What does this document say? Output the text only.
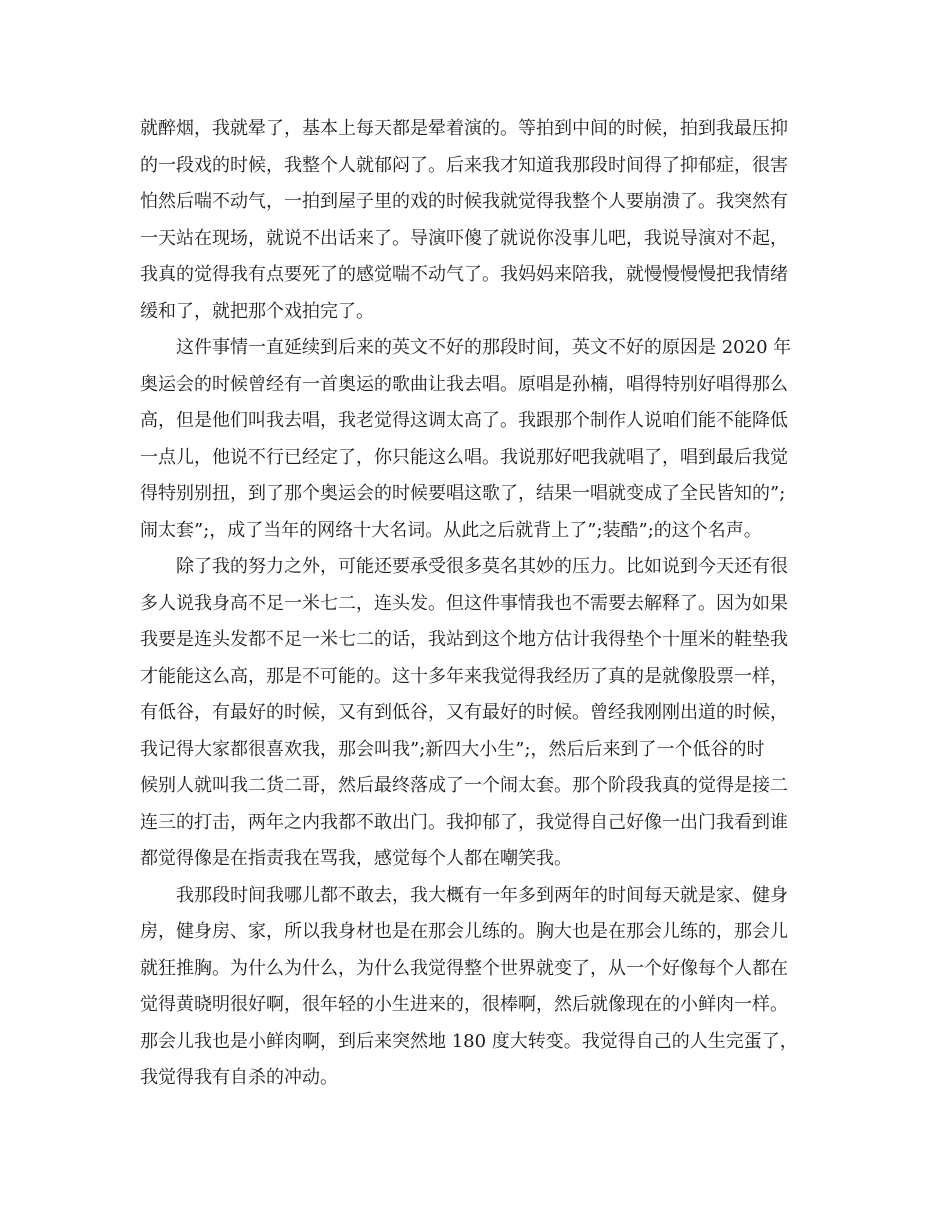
就醉烟，我就晕了，基本上每天都是晕着演的。等拍到中间的时候，拍到我最压抑
的一段戏的时候，我整个人就郁闷了。后来我才知道我那段时间得了抑郁症，很害
怕然后喘不动气，一拍到屋子里的戏的时候我就觉得我整个人要崩溃了。我突然有
一天站在现场，就说不出话来了。导演吓傻了就说你没事儿吧，我说导演对不起，
我真的觉得我有点要死了的感觉喘不动气了。我妈妈来陪我，就慢慢慢慢把我情绪
缓和了，就把那个戏拍完了。
这件事情一直延续到后来的英文不好的那段时间，英文不好的原因是 2020 年
奥运会的时候曾经有一首奥运的歌曲让我去唱。原唱是孙楠，唱得特别好唱得那么
高，但是他们叫我去唱，我老觉得这调太高了。我跟那个制作人说咱们能不能降低
一点儿，他说不行已经定了，你只能这么唱。我说那好吧我就唱了，唱到最后我觉
得特别别扭，到了那个奥运会的时候要唱这歌了，结果一唱就变成了全民皆知的”;
闹太套”;，成了当年的网络十大名词。从此之后就背上了”;装酷”;的这个名声。
除了我的努力之外，可能还要承受很多莫名其妙的压力。比如说到今天还有很
多人说我身高不足一米七二，连头发。但这件事情我也不需要去解释了。因为如果
我要是连头发都不足一米七二的话，我站到这个地方估计我得垫个十厘米的鞋垫我
才能能这么高，那是不可能的。这十多年来我觉得我经历了真的是就像股票一样，
有低谷，有最好的时候，又有到低谷，又有最好的时候。曾经我刚刚出道的时候，
我记得大家都很喜欢我，那会叫我”;新四大小生”;，然后后来到了一个低谷的时
候别人就叫我二货二哥，然后最终落成了一个闹太套。那个阶段我真的觉得是接二
连三的打击，两年之内我都不敢出门。我抑郁了，我觉得自己好像一出门我看到谁
都觉得像是在指责我在骂我，感觉每个人都在嘲笑我。
我那段时间我哪儿都不敢去，我大概有一年多到两年的时间每天就是家、健身
房，健身房、家，所以我身材也是在那会儿练的。胸大也是在那会儿练的，那会儿
就狂推胸。为什么为什么，为什么我觉得整个世界就变了，从一个好像每个人都在
觉得黄晓明很好啊，很年轻的小生进来的，很棒啊，然后就像现在的小鲜肉一样。
那会儿我也是小鲜肉啊，到后来突然地 180 度大转变。我觉得自己的人生完蛋了，
我觉得我有自杀的冲动。
